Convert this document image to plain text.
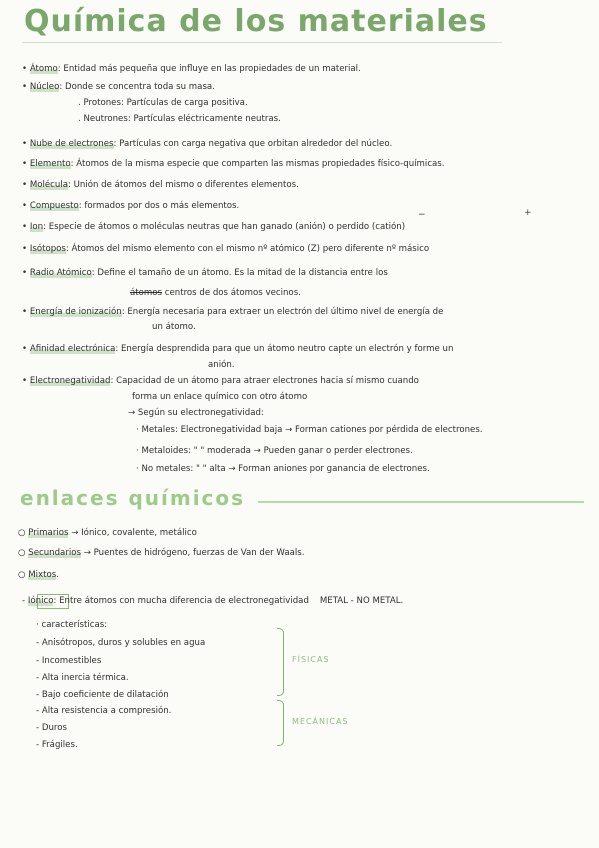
Química de los materiales
• Átomo: Entidad más pequeña que influye en las propiedades de un material.
• Núcleo: Donde se concentra toda su masa.
. Protones: Partículas de carga positiva.
. Neutrones: Partículas eléctricamente neutras.
• Nube de electrones: Partículas con carga negativa que orbitan alrededor del núcleo.
• Elemento: Átomos de la misma especie que comparten las mismas propiedades físico-químicas.
• Molécula: Unión de átomos del mismo o diferentes elementos.
• Compuesto: formados por dos o más elementos.
−	+
• Ion: Especie de átomos o moléculas neutras que han ganado (anión) o perdido (catión)
• Isótopos: Átomos del mismo elemento con el mismo nº atómico (Z) pero diferente nº másico
• Radio Atómico: Define el tamaño de un átomo. Es la mitad de la distancia entre los
átomos centros de dos átomos vecinos.
• Energía de ionización: Energía necesaria para extraer un electrón del último nivel de energía de
un átomo.
• Afinidad electrónica: Energía desprendida para que un átomo neutro capte un electrón y forme un
anión.
• Electronegatividad: Capacidad de un átomo para atraer electrones hacia sí mismo cuando
forma un enlace químico con otro átomo
→ Según su electronegatividad:
· Metales: Electronegatividad baja → Forman cationes por pérdida de electrones.
· Metaloides: " " moderada → Pueden ganar o perder electrones.
· No metales: " " alta → Forman aniones por ganancia de electrones.
enlaces químicos
○ Primarios → Iónico, covalente, metálico
○ Secundarios → Puentes de hidrógeno, fuerzas de Van der Waals.
○ Mixtos.
- Iónico: Entre átomos con mucha diferencia de electronegatividad METAL - NO METAL.
· características:
- Anisótropos, duros y solubles en agua
- Incomestibles
- Alta inercia térmica.
- Bajo coeficiente de dilatación
- Alta resistencia a compresión.
- Duros
- Frágiles.
FÍSICAS
MECÁNICAS
